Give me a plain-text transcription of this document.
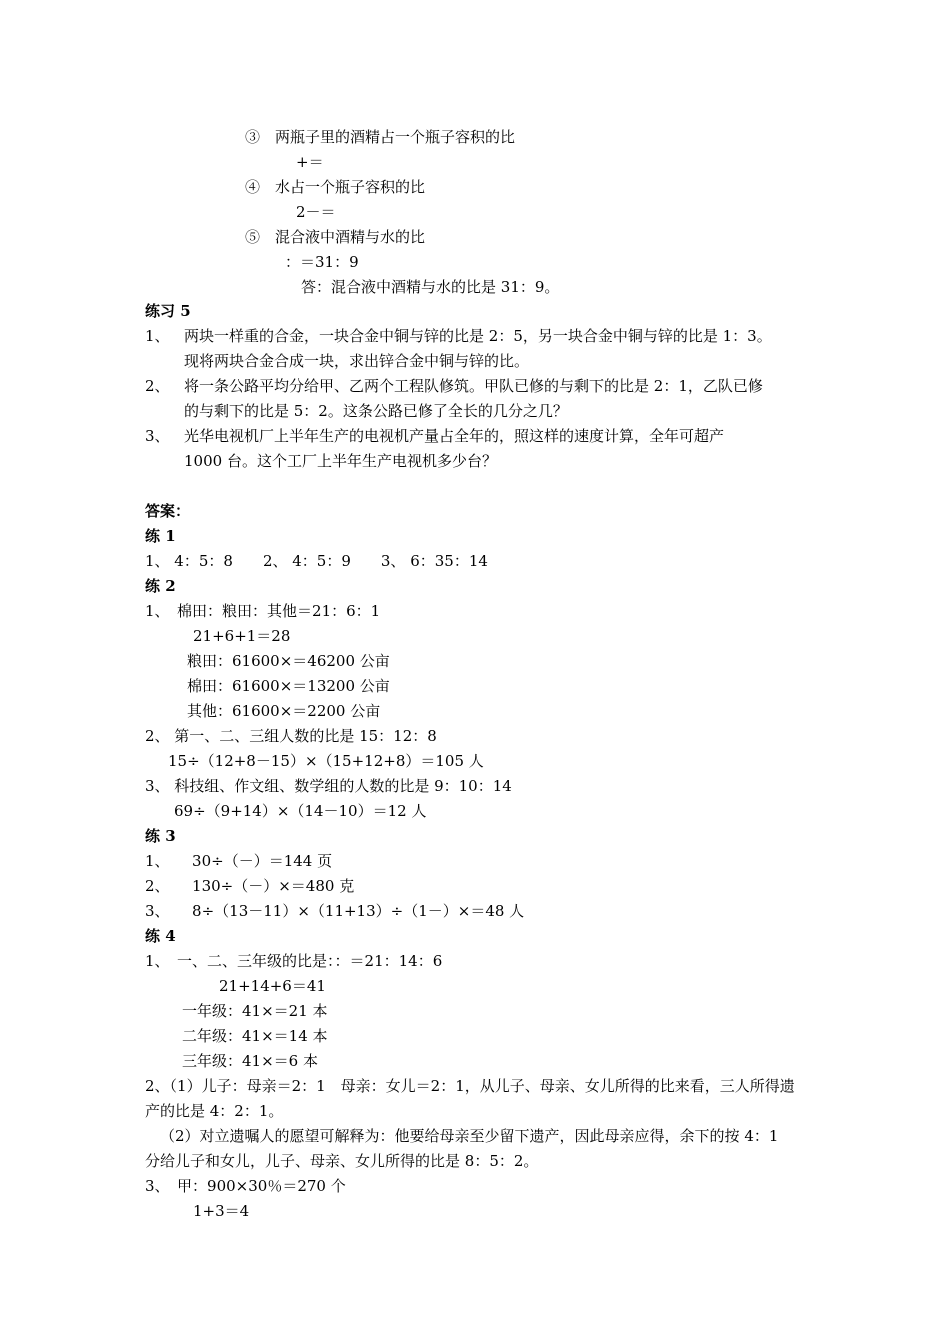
③　两瓶子里的酒精占一个瓶子容积的比
+＝
④　水占一个瓶子容积的比
2－＝
⑤　混合液中酒精与水的比
：＝31：9
答：混合液中酒精与水的比是 31：9。
练习 5
1、 两块一样重的合金，一块合金中铜与锌的比是 2：5，另一块合金中铜与锌的比是 1：3。
现将两块合金合成一块，求出锌合金中铜与锌的比。
2、 将一条公路平均分给甲、乙两个工程队修筑。甲队已修的与剩下的比是 2：1，乙队已修
的与剩下的比是 5：2。这条公路已修了全长的几分之几？
3、 光华电视机厂上半年生产的电视机产量占全年的，照这样的速度计算，全年可超产
1000 台。这个工厂上半年生产电视机多少台？
答案：
练 1
1、 4：5：8　　2、 4：5：9　　3、 6：35：14
练 2
1、　棉田：粮田：其他＝21：6：1
21+6+1＝28
粮田：61600×＝46200 公亩
棉田：61600×＝13200 公亩
其他：61600×＝2200 公亩
2、 第一、二、三组人数的比是 15：12：8
15÷（12+8－15）×（15+12+8）＝105 人
3、 科技组、作文组、数学组的人数的比是 9：10：14
69÷（9+14）×（14－10）＝12 人
练 3
1、　　30÷（－）＝144 页
2、　　130÷（－）×＝480 克
3、　　8÷（13－11）×（11+13）÷（1－）×＝48 人
练 4
1、　一、二、三年级的比是：：＝21：14：6
21+14+6＝41
一年级：41×＝21 本
二年级：41×＝14 本
三年级：41×＝6 本
2、（1）儿子：母亲＝2：1　母亲：女儿＝2：1，从儿子、母亲、女儿所得的比来看，三人所得遗
产的比是 4：2：1。
（2）对立遗嘱人的愿望可解释为：他要给母亲至少留下遗产，因此母亲应得，余下的按 4：1
分给儿子和女儿，儿子、母亲、女儿所得的比是 8：5：2。
3、　甲：900×30％＝270 个
1+3＝4
